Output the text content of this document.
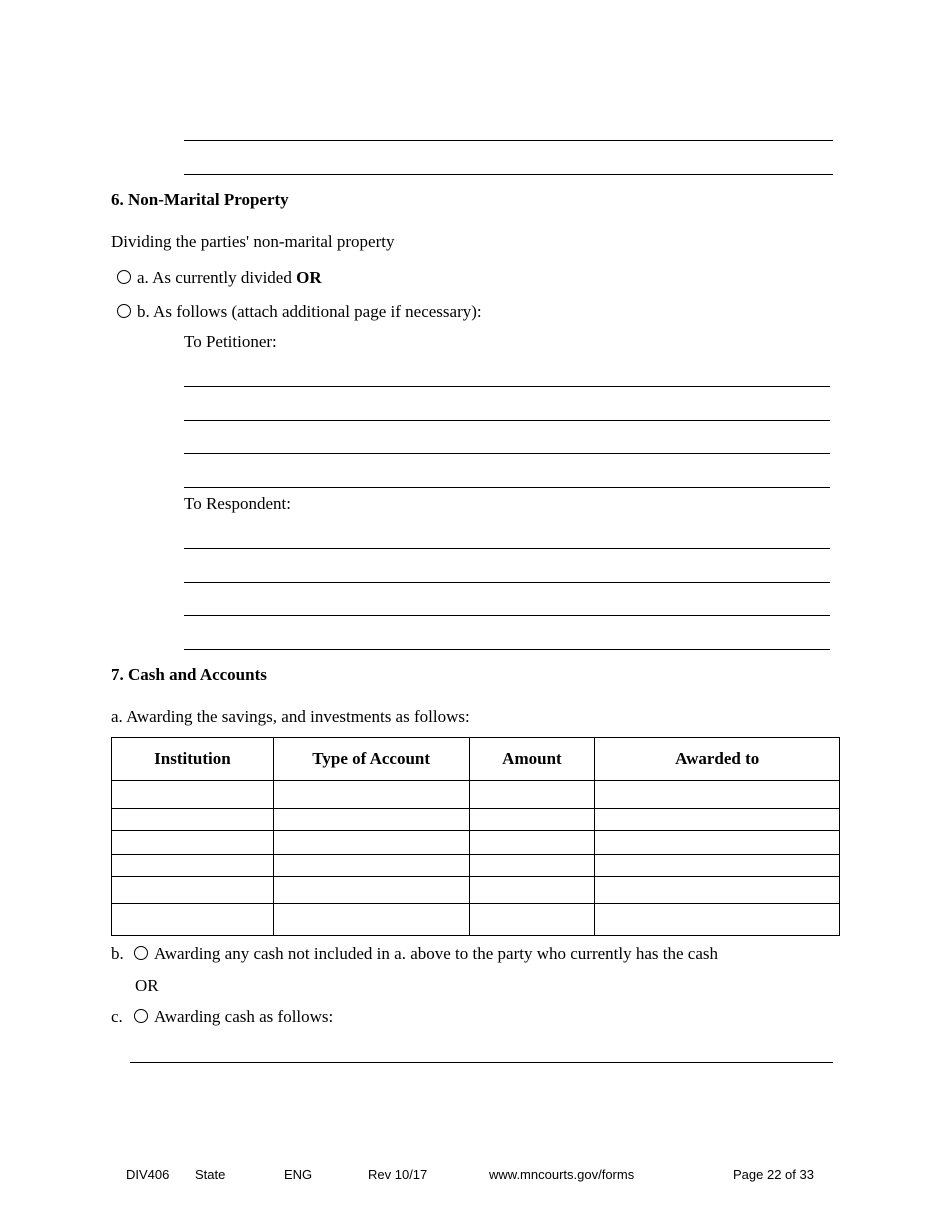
6. Non-Marital Property
Dividing the parties' non-marital property
a. As currently divided OR
b. As follows (attach additional page if necessary):
To Petitioner:
To Respondent:
7. Cash and Accounts
a. Awarding the savings, and investments as follows:
Institution	Type of Account	Amount	Awarded to

b.	Awarding any cash not included in a. above to the party who currently has the cash
OR
c.	Awarding cash as follows:
DIV406 State	ENG	Rev 10/17	www.mncourts.gov/forms	Page 22 of 33
